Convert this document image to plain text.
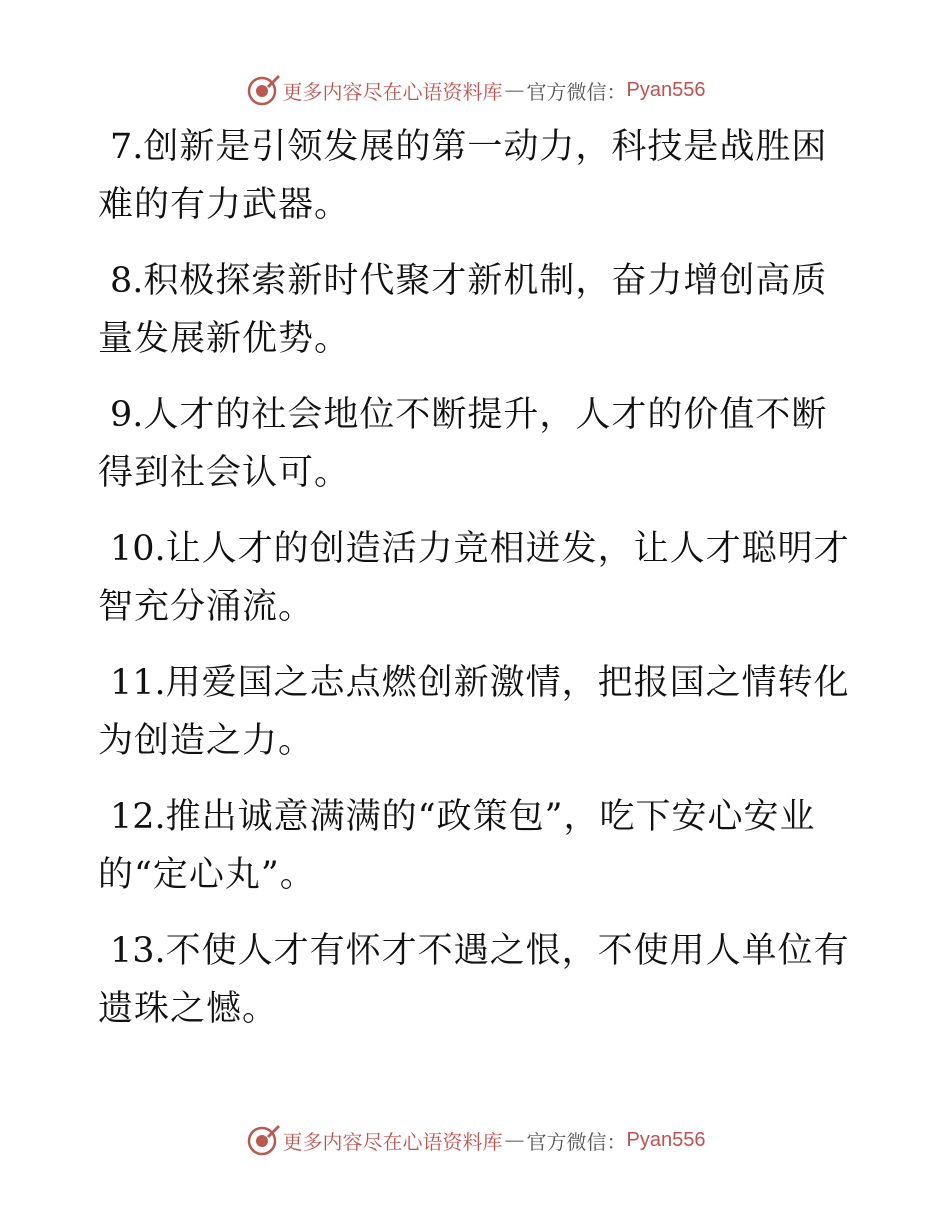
更多内容尽在心语资料库 — 官方微信： Pyan556

7.创新是引领发展的第一动力，科技是战胜困难的有力武器。

8.积极探索新时代聚才新机制，奋力增创高质量发展新优势。

9.人才的社会地位不断提升，人才的价值不断得到社会认可。

10.让人才的创造活力竞相迸发，让人才聪明才智充分涌流。

11.用爱国之志点燃创新激情，把报国之情转化为创造之力。

12.推出诚意满满的“政策包”，吃下安心安业的“定心丸”。

13.不使人才有怀才不遇之恨，不使用人单位有遗珠之憾。

更多内容尽在心语资料库 — 官方微信： Pyan556
